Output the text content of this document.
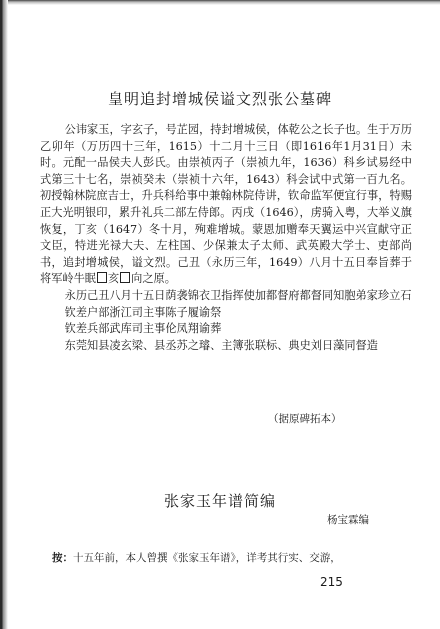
皇明追封增城侯谥文烈张公墓碑

公讳家玉，字玄子，号芷园，持封增城侯，体乾公之长子也。生于万历乙卯年（万历四十三年，1615）十二月十三日（即1616年1月31日）未时。元配一品侯夫人彭氏。由崇祯丙子（崇祯九年，1636）科乡试易经中式第三十七名，崇祯癸未（崇祯十六年，1643）科会试中式第一百九名。初授翰林院庶吉士，升兵科给事中兼翰林院侍讲，钦命监军便宜行事，特赐正大光明银印，累升礼兵二部左侍郎。丙戌（1646），虏骑入粤，大举义旗恢复，丁亥（1647）冬十月，殉难增城。蒙恩加赠奉天翼运中兴宣献守正文臣，特进光禄大夫、左柱国、少保兼太子太师、武英殿大学士、吏部尚书，追封增城侯，谥文烈。己丑（永历三年，1649）八月十五日奉旨葬于将军岭牛眠 亥 向之原。

永历己丑八月十五日荫袭锦衣卫指挥使加都督府都督同知胞弟家珍立石

钦差户部浙江司主事陈子履谕祭

钦差兵部武库司主事伦凤翔谕葬

东莞知县凌玄梁、县丞苏之璿、主簿张联标、典史刘日藻同督造

（据原碑拓本）
张家玉年谱简编
杨宝霖编
按：十五年前，本人曾撰《张家玉年谱》，详考其行实、交游，
215
